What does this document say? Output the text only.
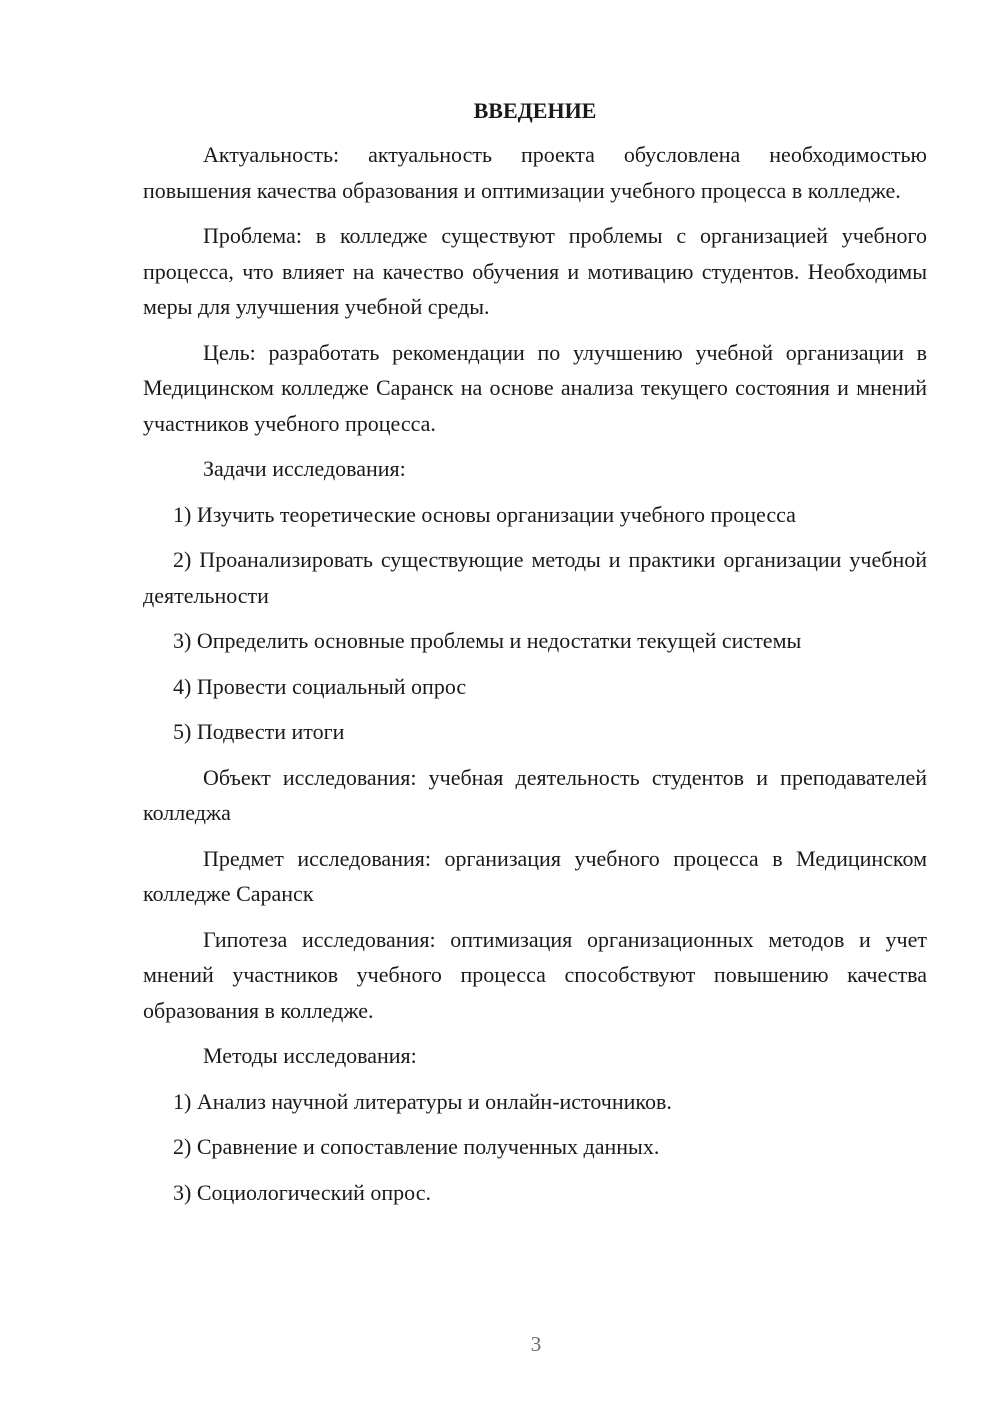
ВВЕДЕНИЕ

Актуальность: актуальность проекта обусловлена необходимостью повышения качества образования и оптимизации учебного процесса в колледже.

Проблема: в колледже существуют проблемы с организацией учебного процесса, что влияет на качество обучения и мотивацию студентов. Необходимы меры для улучшения учебной среды.

Цель: разработать рекомендации по улучшению учебной организации в Медицинском колледже Саранск на основе анализа текущего состояния и мнений участников учебного процесса.

Задачи исследования:

1) Изучить теоретические основы организации учебного процесса

2) Проанализировать существующие методы и практики организации учебной деятельности

3) Определить основные проблемы и недостатки текущей системы

4) Провести социальный опрос

5) Подвести итоги

Объект исследования: учебная деятельность студентов и преподавателей колледжа

Предмет исследования: организация учебного процесса в Медицинском колледже Саранск

Гипотеза исследования: оптимизация организационных методов и учет мнений участников учебного процесса способствуют повышению качества образования в колледже.

Методы исследования:

1) Анализ научной литературы и онлайн-источников.

2) Сравнение и сопоставление полученных данных.

3) Социологический опрос.

3
